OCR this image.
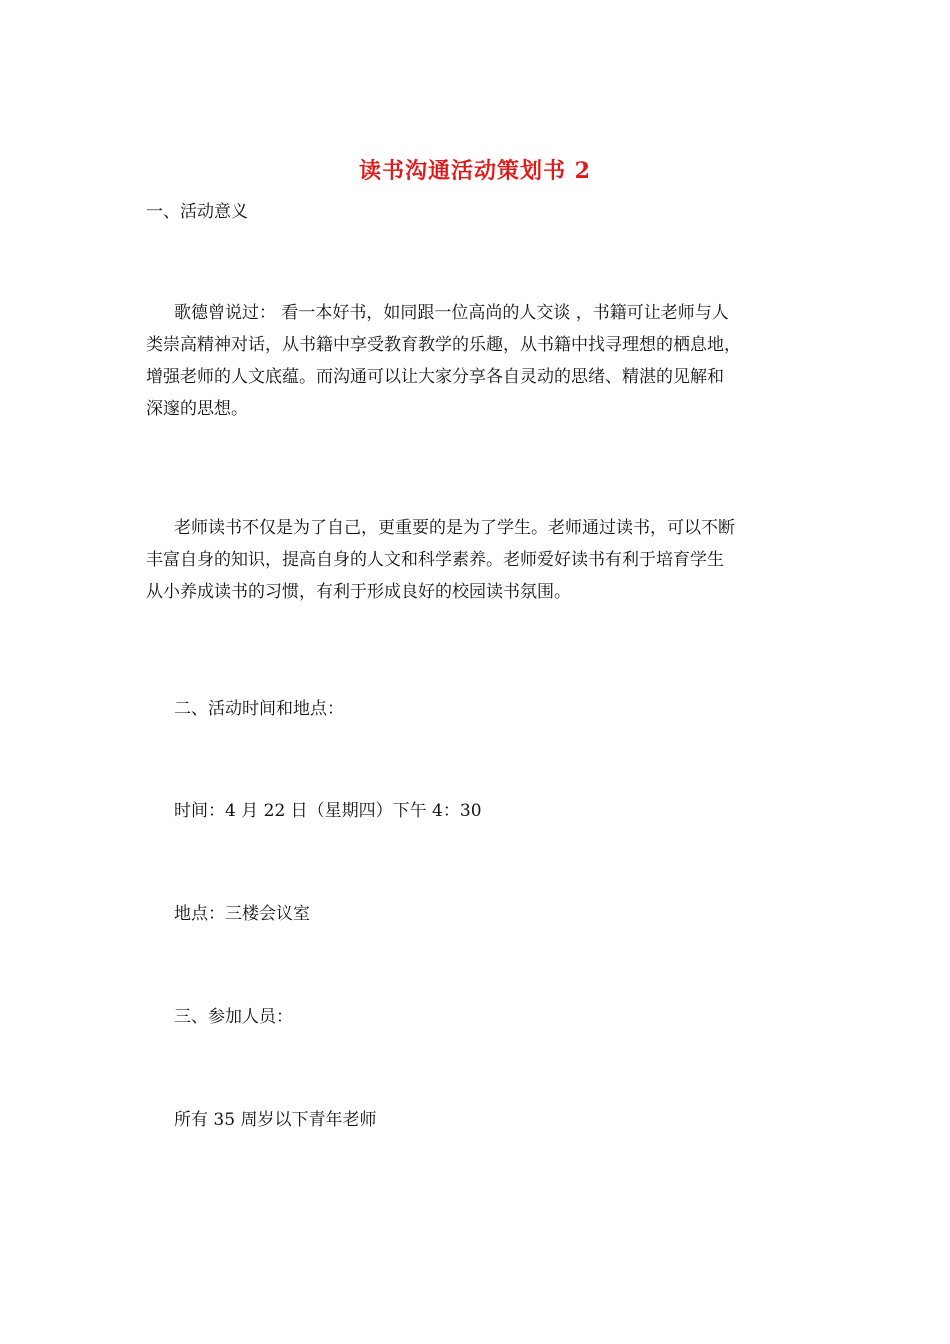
读书沟通活动策划书 2
一、活动意义
歌德曾说过： 看一本好书，如同跟一位高尚的人交谈 ，书籍可让老师与人
类崇高精神对话，从书籍中享受教育教学的乐趣，从书籍中找寻理想的栖息地，
增强老师的人文底蕴。而沟通可以让大家分享各自灵动的思绪、精湛的见解和
深邃的思想。
老师读书不仅是为了自己，更重要的是为了学生。老师通过读书，可以不断
丰富自身的知识，提高自身的人文和科学素养。老师爱好读书有利于培育学生
从小养成读书的习惯，有利于形成良好的校园读书氛围。
二、活动时间和地点：
时间：4 月 22 日（星期四）下午 4：30
地点：三楼会议室
三、参加人员：
所有 35 周岁以下青年老师
